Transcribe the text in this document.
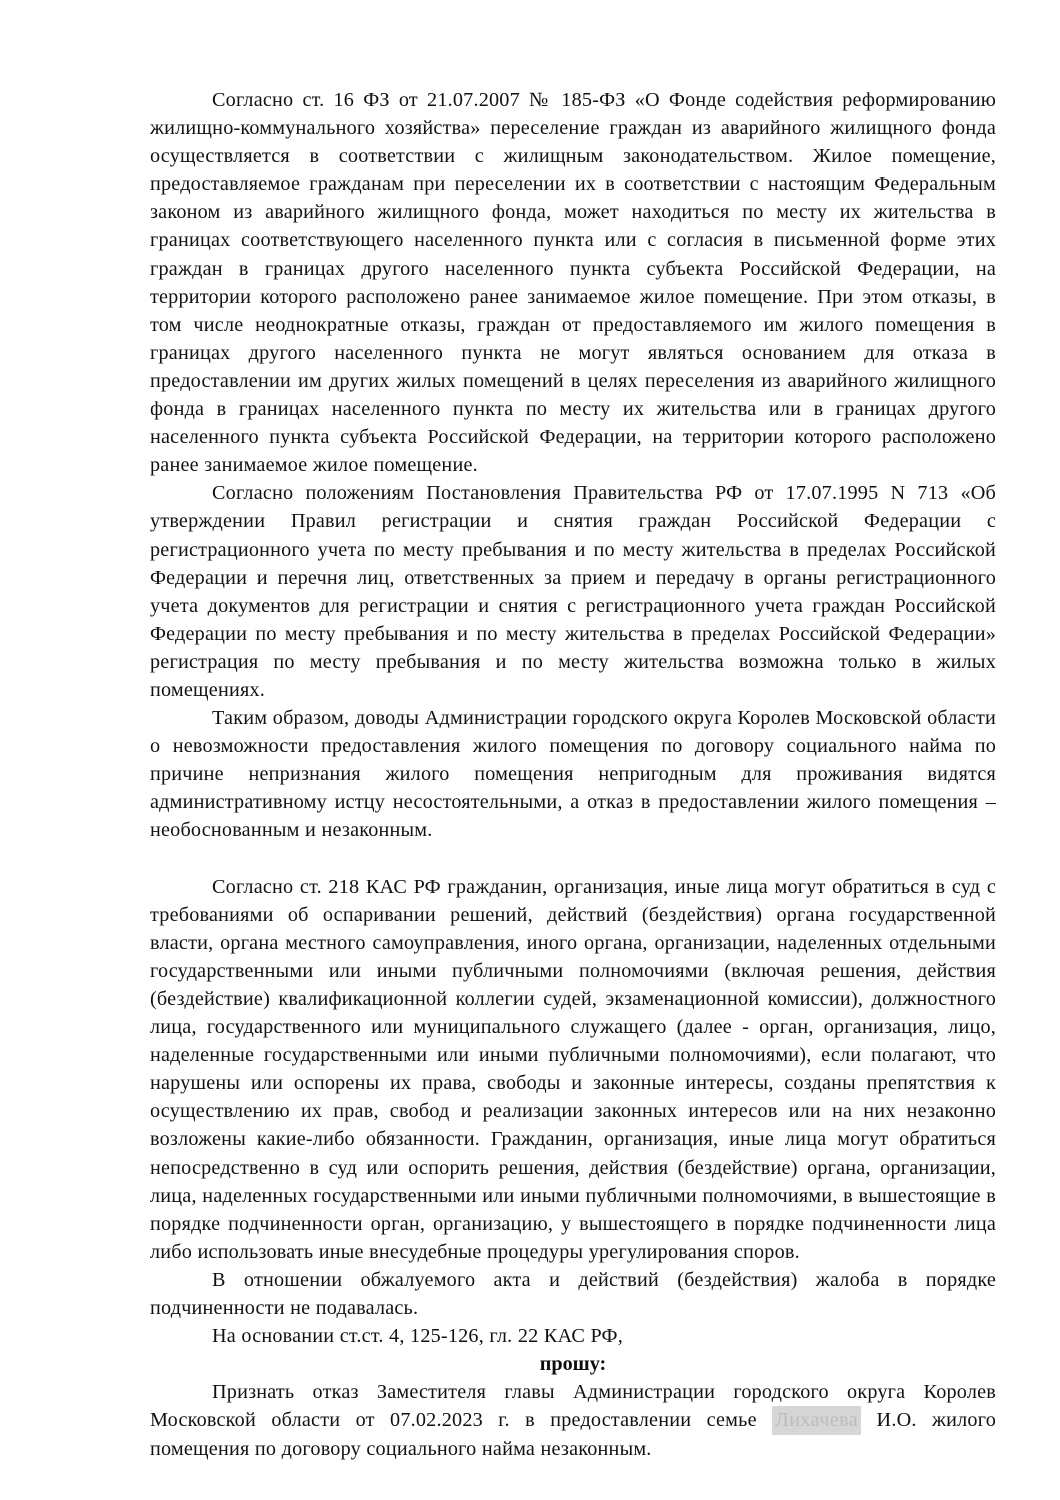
Согласно ст. 16 ФЗ от 21.07.2007 № 185-ФЗ «О Фонде содействия реформированию жилищно-коммунального хозяйства» переселение граждан из аварийного жилищного фонда осуществляется в соответствии с жилищным законодательством. Жилое помещение, предоставляемое гражданам при переселении их в соответствии с настоящим Федеральным законом из аварийного жилищного фонда, может находиться по месту их жительства в границах соответствующего населенного пункта или с согласия в письменной форме этих граждан в границах другого населенного пункта субъекта Российской Федерации, на территории которого расположено ранее занимаемое жилое помещение. При этом отказы, в том числе неоднократные отказы, граждан от предоставляемого им жилого помещения в границах другого населенного пункта не могут являться основанием для отказа в предоставлении им других жилых помещений в целях переселения из аварийного жилищного фонда в границах населенного пункта по месту их жительства или в границах другого населенного пункта субъекта Российской Федерации, на территории которого расположено ранее занимаемое жилое помещение.

Согласно положениям Постановления Правительства РФ от 17.07.1995 N 713 «Об утверждении Правил регистрации и снятия граждан Российской Федерации с регистрационного учета по месту пребывания и по месту жительства в пределах Российской Федерации и перечня лиц, ответственных за прием и передачу в органы регистрационного учета документов для регистрации и снятия с регистрационного учета граждан Российской Федерации по месту пребывания и по месту жительства в пределах Российской Федерации» регистрация по месту пребывания и по месту жительства возможна только в жилых помещениях.

Таким образом, доводы Администрации городского округа Королев Московской области о невозможности предоставления жилого помещения по договору социального найма по причине непризнания жилого помещения непригодным для проживания видятся административному истцу несостоятельными, а отказ в предоставлении жилого помещения – необоснованным и незаконным.

Согласно ст. 218 КАС РФ гражданин, организация, иные лица могут обратиться в суд с требованиями об оспаривании решений, действий (бездействия) органа государственной власти, органа местного самоуправления, иного органа, организации, наделенных отдельными государственными или иными публичными полномочиями (включая решения, действия (бездействие) квалификационной коллегии судей, экзаменационной комиссии), должностного лица, государственного или муниципального служащего (далее - орган, организация, лицо, наделенные государственными или иными публичными полномочиями), если полагают, что нарушены или оспорены их права, свободы и законные интересы, созданы препятствия к осуществлению их прав, свобод и реализации законных интересов или на них незаконно возложены какие-либо обязанности. Гражданин, организация, иные лица могут обратиться непосредственно в суд или оспорить решения, действия (бездействие) органа, организации, лица, наделенных государственными или иными публичными полномочиями, в вышестоящие в порядке подчиненности орган, организацию, у вышестоящего в порядке подчиненности лица либо использовать иные внесудебные процедуры урегулирования споров.

В отношении обжалуемого акта и действий (бездействия) жалоба в порядке подчиненности не подавалась.

На основании ст.ст. 4, 125-126, гл. 22 КАС РФ,

прошу:

Признать отказ Заместителя главы Администрации городского округа Королев Московской области от 07.02.2023 г. в предоставлении семье Лихачева И.О. жилого помещения по договору социального найма незаконным.
